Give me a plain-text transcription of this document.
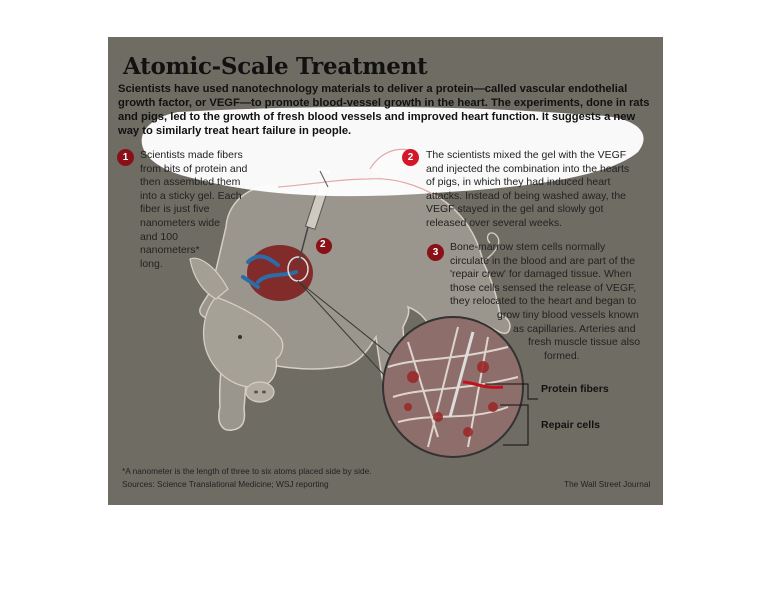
Atomic-Scale Treatment
Scientists have used nanotechnology materials to deliver a protein—called vascular endothelial growth factor, or VEGF—to promote blood-vessel growth in the heart. The experiments, done in rats and pigs, led to the growth of fresh blood vessels and improved heart function. It suggests a new way to similarly treat heart failure in people.
1	Scientists made fibers
from bits of protein and
then assembled them
into a sticky gel. Each
fiber is just five
nanometers wide
and 100
nanometers*
long.
2	The scientists mixed the gel with the VEGF
and injected the combination into the hearts
of pigs, in which they had induced heart
attacks. Instead of being washed away, the
VEGF stayed in the gel and slowly got
released over several weeks.
3	Bone-marrow stem cells normally
circulate in the blood and are part of the
'repair crew' for damaged tissue. When
those cells sensed the release of VEGF,
they relocated to the heart and began to
grow tiny blood vessels known
as capillaries. Arteries and
fresh muscle tissue also
formed.
2
Protein fibers
Repair cells
*A nanometer is the length of three to six atoms placed side by side.
Sources: Science Translational Medicine; WSJ reporting	The Wall Street Journal
